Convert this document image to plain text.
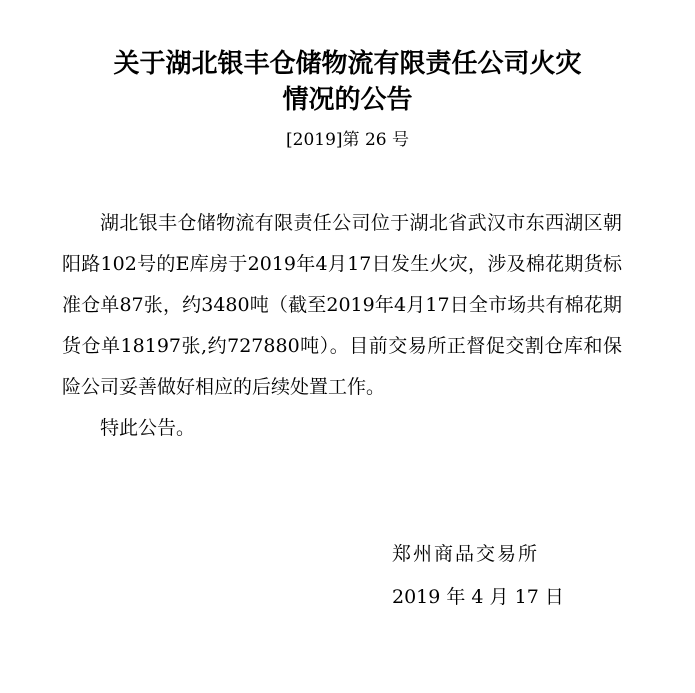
关于湖北银丰仓储物流有限责任公司火灾
情况的公告
[2019]第 26 号

湖北银丰仓储物流有限责任公司位于湖北省武汉市东西湖区朝阳路102号的E库房于2019年4月17日发生火灾，涉及棉花期货标准仓单87张，约3480吨（截至2019年4月17日全市场共有棉花期货仓单18197张,约727880吨）。目前交易所正督促交割仓库和保险公司妥善做好相应的后续处置工作。

特此公告。

郑州商品交易所
2019 年 4 月 17 日
